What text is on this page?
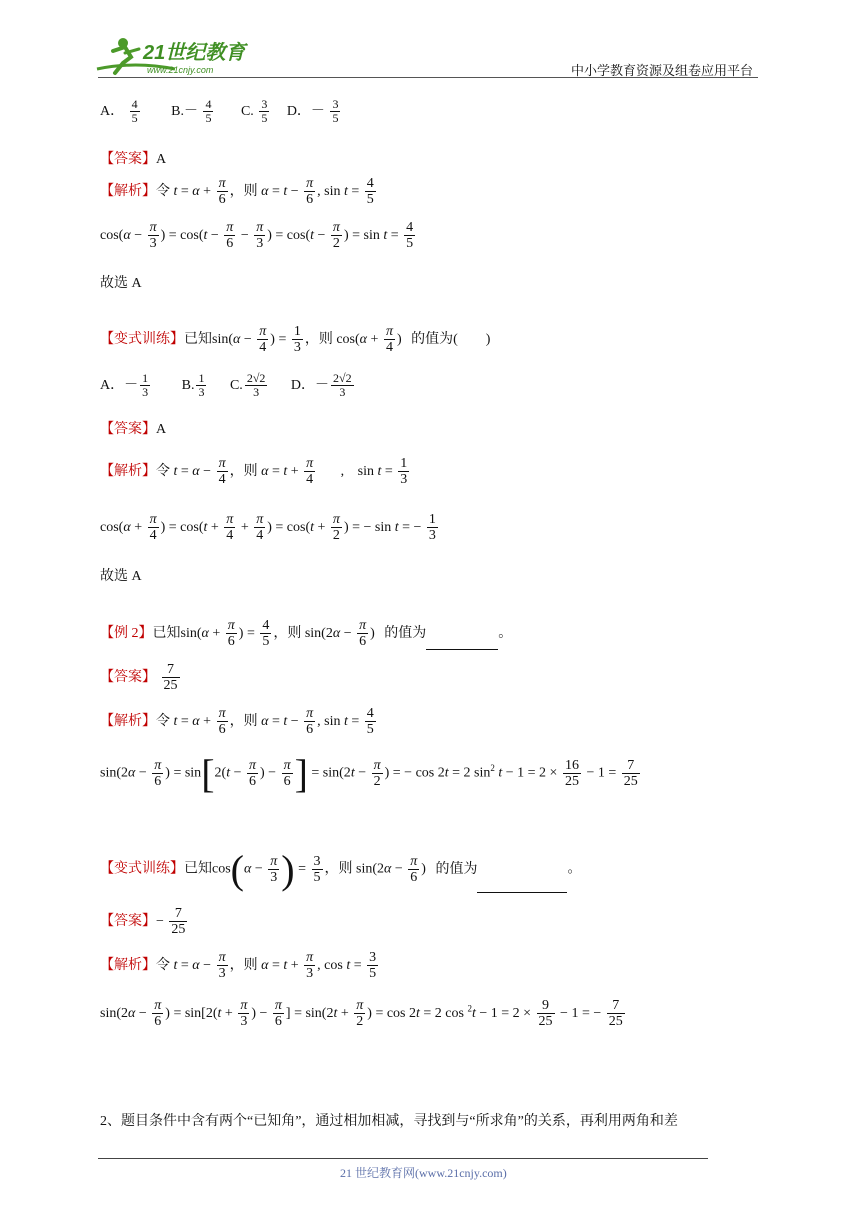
21世纪教育
www.21cnjy.com	中小学教育资源及组卷应用平台
A． $\frac{4}{5} B.- \frac{4}{5} C$. $\frac{3}{5}$ D．－ $\frac{3}{5}$
【答案】A
【解析】令 $t = \alpha + \frac{\pi}{6}$ ，则 $\alpha = t - \frac{\pi}{6}$ , $\sin t = \frac{4}{5}$
$\cos(\alpha - \frac{\pi}{3}$ ) = $\cos(t - \frac{\pi}{6} - \frac{\pi}{3}$ ) = $\cos(t - \frac{\pi}{2}$ ) = $\sin t = \frac{4}{5}$
故选 A
【变式训练】已知$\sin(\alpha - \frac{\pi}{4}$ ) = $\frac{1}{3}$ ，则 $\cos(\alpha + \frac{\pi}{4}$ ) 的值为(　　)
A．－ $\frac{1}{3} B$. $\frac{1}{3} C$. $\frac{2√2}{3}$ D．－ $\frac{2√2}{3}$
【答案】A
【解析】令 $t = \alpha - \frac{\pi}{4}$ ，则 $\alpha = t + \frac{\pi}{4}$ , $\sin t = \frac{1}{3}$
$\cos(\alpha + \frac{\pi}{4}$ ) = $\cos(t + \frac{\pi}{4} + \frac{\pi}{4}$ ) = $\cos(t + \frac{\pi}{2}$ ) = − sin t = − $\frac{1}{3}$
故选 A
【例 2】已知$\sin(\alpha + \frac{\pi}{6}$ ) = $\frac{4}{5}$ ，则 $\sin(2\alpha - \frac{\pi}{6}$ ) 的值为	。
【答案】 $\frac{7}{25}$
【解析】令 $t = \alpha + \frac{\pi}{6}$ ，则 $\alpha = t - \frac{\pi}{6}$ , $\sin t = \frac{4}{5}$
$\sin(2\alpha - \frac{\pi}{6}$ ) = $\sin[2(t - \frac{\pi}{6}$ ) − $\frac{\pi}{6}$ ] = $\sin(2t - \frac{\pi}{2}$ ) = − cos 2t = 2 $\sin^2 t - 1 = 2 \times \frac{16}{25} - 1 = \frac{7}{25}$
【变式训练】已知$\cos(\alpha - \frac{\pi}{3}$ ) = $\frac{3}{5}$ ，则 $\sin(2\alpha - \frac{\pi}{6}$ ) 的值为	。
【答案】− $\frac{7}{25}$
【解析】令 $t = \alpha - \frac{\pi}{3}$ ，则 $\alpha = t + \frac{\pi}{3}$ , $\cos t = \frac{3}{5}$
$\sin(2\alpha - \frac{\pi}{6}$ ) = $\sin[2(t + \frac{\pi}{3}$ ) − $\frac{\pi}{6}$ ] = $\sin(2t + \frac{\pi}{2}$ ) = cos 2t = 2 $\cos ^2t - 1 = 2 \times \frac{9}{25} - 1$ = − $\frac{7}{25}$
2、题目条件中含有两个“已知角”，通过相加相减，寻找到与“所求角”的关系，再利用两角和差
21 世纪教育网(www.21cnjy.com)
